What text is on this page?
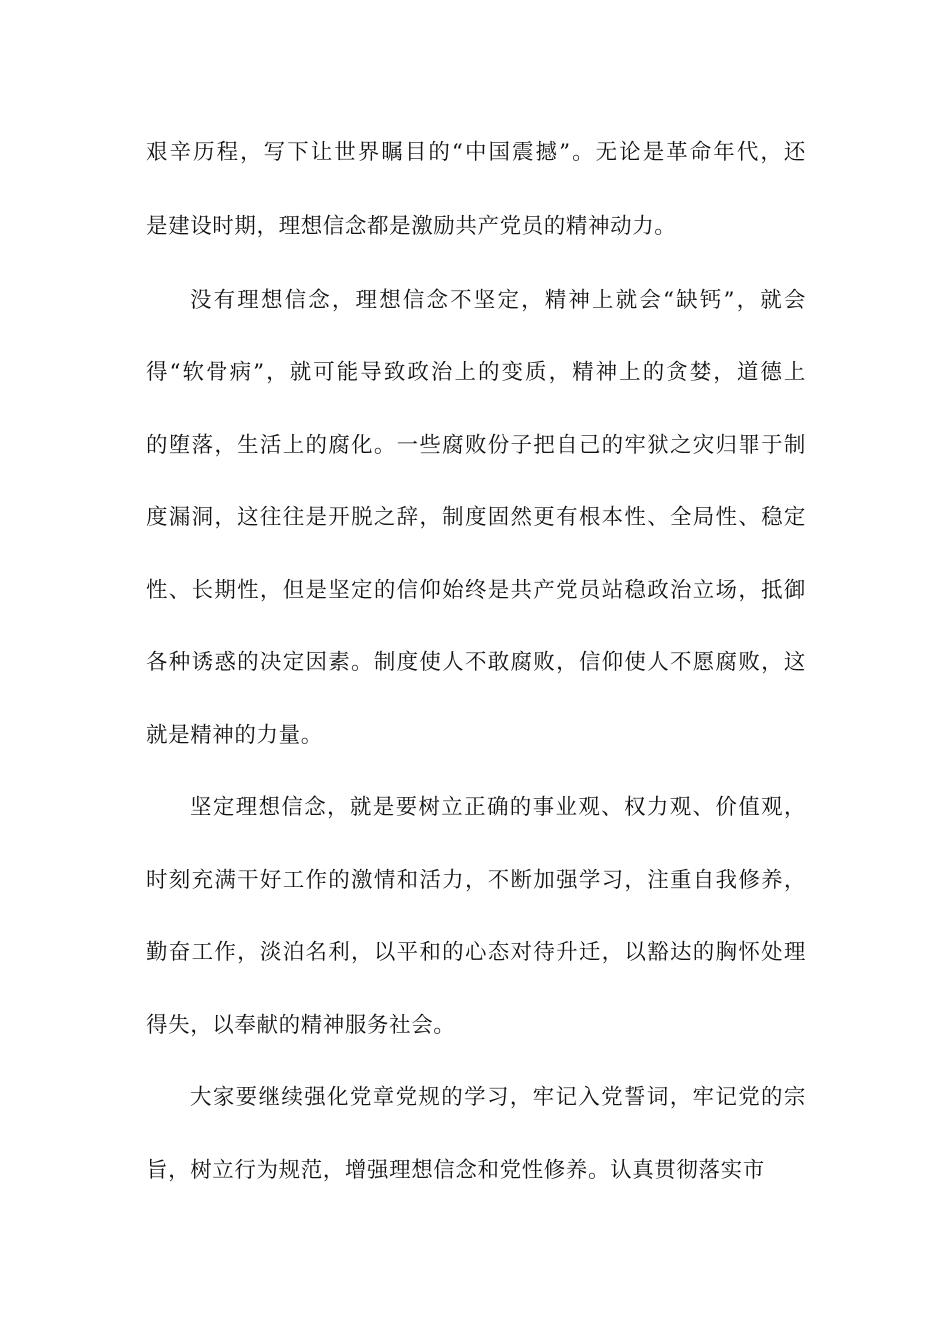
艰辛历程，写下让世界瞩目的“中国震撼”。无论是革命年代，还
是建设时期，理想信念都是激励共产党员的精神动力。
没有理想信念，理想信念不坚定，精神上就会“缺钙”，就会
得“软骨病”，就可能导致政治上的变质，精神上的贪婪，道德上
的堕落，生活上的腐化。一些腐败份子把自己的牢狱之灾归罪于制
度漏洞，这往往是开脱之辞，制度固然更有根本性、全局性、稳定
性、长期性，但是坚定的信仰始终是共产党员站稳政治立场，抵御
各种诱惑的决定因素。制度使人不敢腐败，信仰使人不愿腐败，这
就是精神的力量。
坚定理想信念，就是要树立正确的事业观、权力观、价值观，
时刻充满干好工作的激情和活力，不断加强学习，注重自我修养，
勤奋工作，淡泊名利，以平和的心态对待升迁，以豁达的胸怀处理
得失，以奉献的精神服务社会。
大家要继续强化党章党规的学习，牢记入党誓词，牢记党的宗
旨，树立行为规范，增强理想信念和党性修养。认真贯彻落实市
